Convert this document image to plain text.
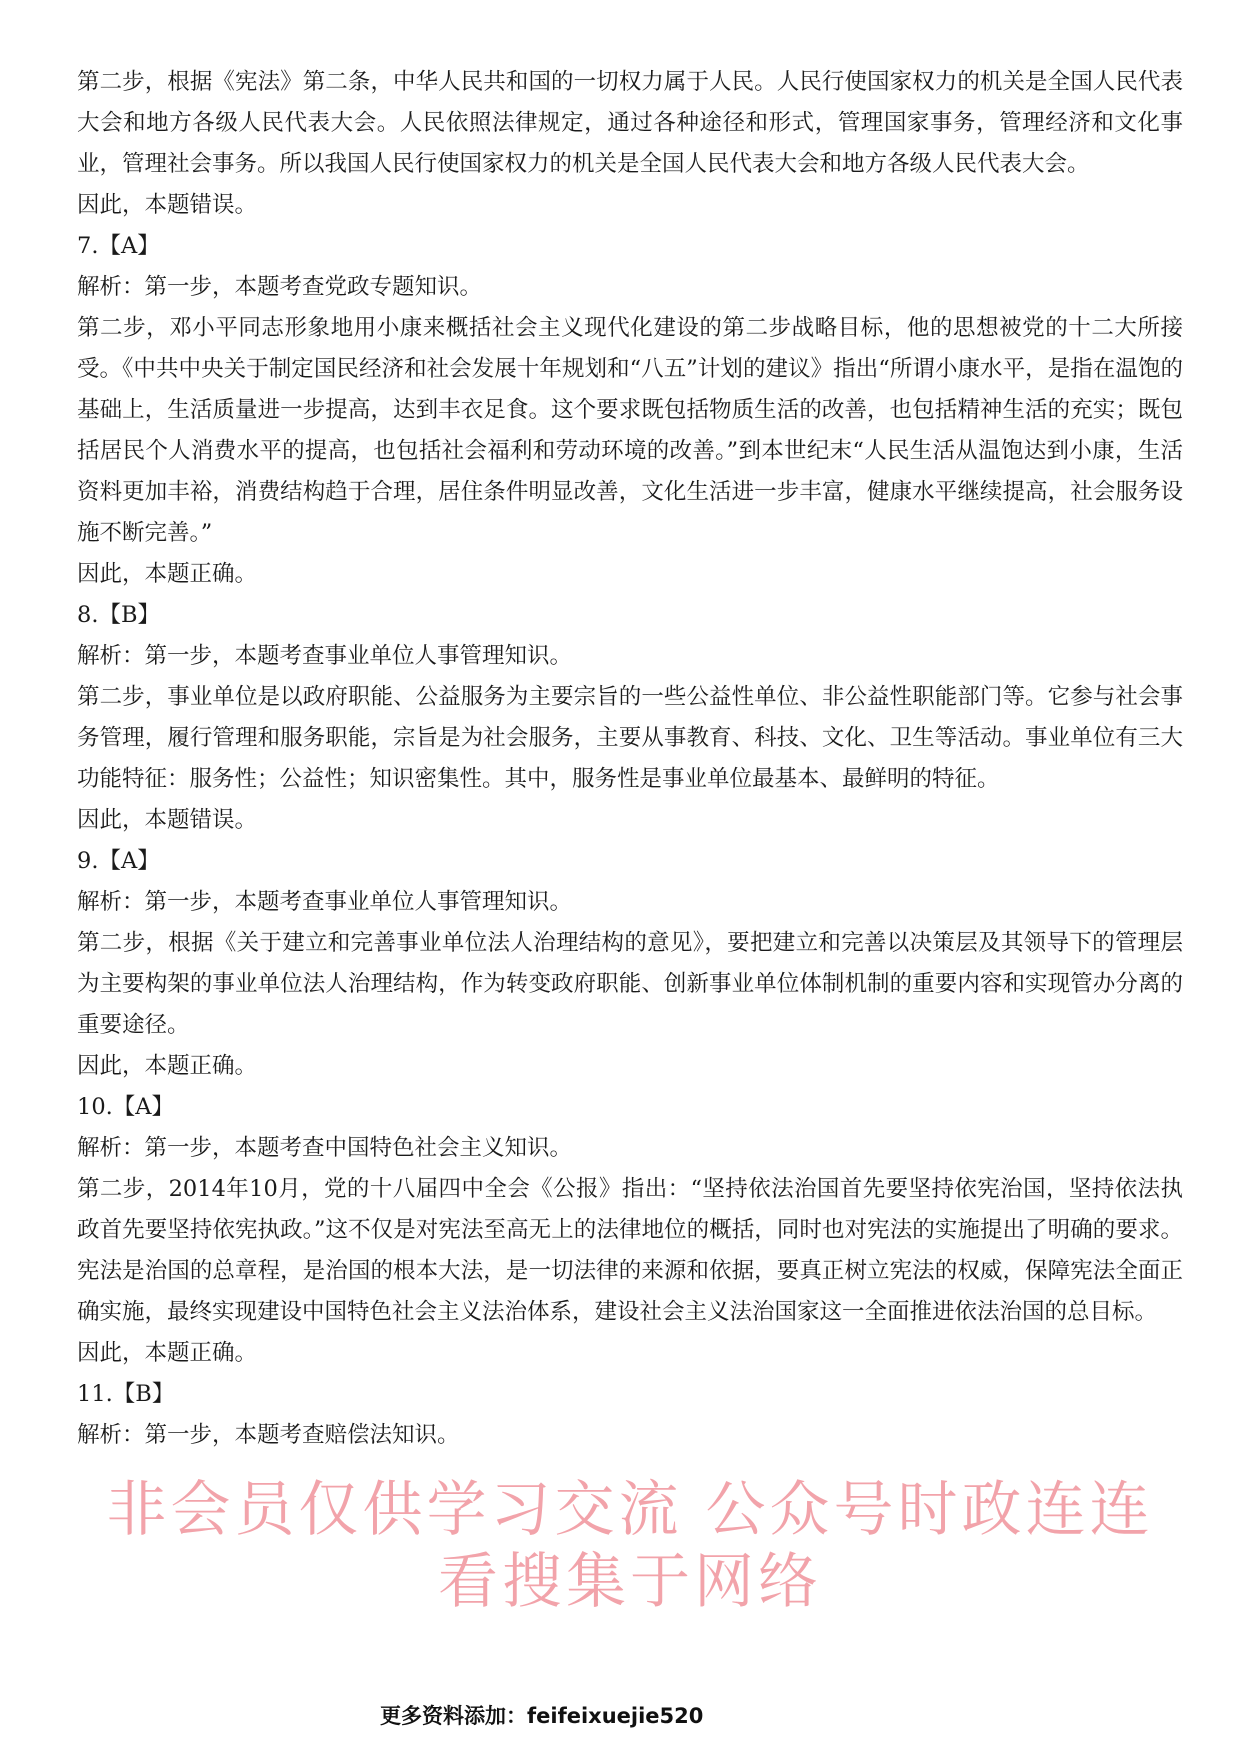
第二步，根据《宪法》第二条，中华人民共和国的一切权力属于人民。人民行使国家权力的机关是全国人民代表大会和地方各级人民代表大会。人民依照法律规定，通过各种途径和形式，管理国家事务，管理经济和文化事业，管理社会事务。所以我国人民行使国家权力的机关是全国人民代表大会和地方各级人民代表大会。

因此，本题错误。

7.【A】

解析：第一步，本题考查党政专题知识。

第二步，邓小平同志形象地用小康来概括社会主义现代化建设的第二步战略目标，他的思想被党的十二大所接受。《中共中央关于制定国民经济和社会发展十年规划和“八五”计划的建议》指出“所谓小康水平，是指在温饱的基础上，生活质量进一步提高，达到丰衣足食。这个要求既包括物质生活的改善，也包括精神生活的充实；既包括居民个人消费水平的提高，也包括社会福利和劳动环境的改善。”到本世纪末“人民生活从温饱达到小康，生活资料更加丰裕，消费结构趋于合理，居住条件明显改善，文化生活进一步丰富，健康水平继续提高，社会服务设施不断完善。”

因此，本题正确。

8.【B】

解析：第一步，本题考查事业单位人事管理知识。

第二步，事业单位是以政府职能、公益服务为主要宗旨的一些公益性单位、非公益性职能部门等。它参与社会事务管理，履行管理和服务职能，宗旨是为社会服务，主要从事教育、科技、文化、卫生等活动。事业单位有三大功能特征：服务性；公益性；知识密集性。其中，服务性是事业单位最基本、最鲜明的特征。

因此，本题错误。

9.【A】

解析：第一步，本题考查事业单位人事管理知识。

第二步，根据《关于建立和完善事业单位法人治理结构的意见》，要把建立和完善以决策层及其领导下的管理层为主要构架的事业单位法人治理结构，作为转变政府职能、创新事业单位体制机制的重要内容和实现管办分离的重要途径。

因此，本题正确。

10.【A】

解析：第一步，本题考查中国特色社会主义知识。

第二步，2014年10月，党的十八届四中全会《公报》指出：“坚持依法治国首先要坚持依宪治国，坚持依法执政首先要坚持依宪执政。”这不仅是对宪法至高无上的法律地位的概括，同时也对宪法的实施提出了明确的要求。宪法是治国的总章程，是治国的根本大法，是一切法律的来源和依据，要真正树立宪法的权威，保障宪法全面正确实施，最终实现建设中国特色社会主义法治体系，建设社会主义法治国家这一全面推进依法治国的总目标。

因此，本题正确。

11.【B】

解析：第一步，本题考查赔偿法知识。

非会员仅供学习交流 公众号时政连连看搜集于网络
更多资料添加：feifeixuejie520
